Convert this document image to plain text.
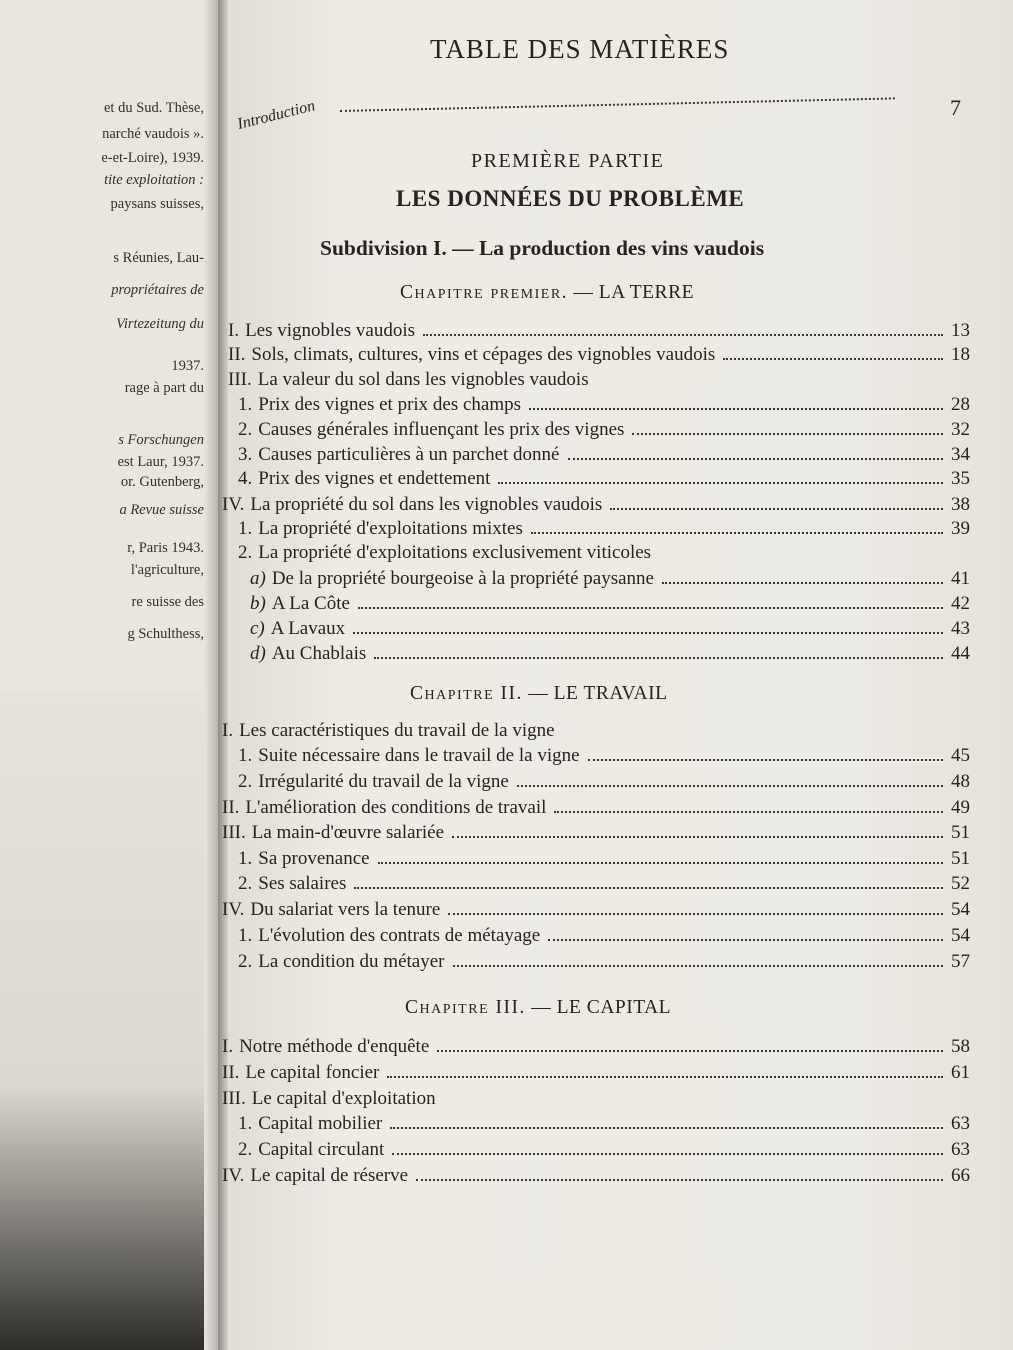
et du Sud. Thèse,
narché vaudois ».
e-et-Loire), 1939.
tite exploitation :
paysans suisses,
s Réunies, Lau-
propriétaires de
Virtezeitung du
1937.
rage à part du
s Forschungen
est Laur, 1937.
or. Gutenberg,
a Revue suisse
r, Paris 1943.
l'agriculture,
re suisse des
g Schulthess,
TABLE DES MATIÈRES
Introduction	7
PREMIÈRE PARTIE
LES DONNÉES DU PROBLÈME
Subdivision I. — La production des vins vaudois
Chapitre premier. — LA TERRE
I. Les vignobles vaudois	13
II. Sols, climats, cultures, vins et cépages des vignobles vaudois	18
III. La valeur du sol dans les vignobles vaudois
1. Prix des vignes et prix des champs	28
2. Causes générales influençant les prix des vignes	32
3. Causes particulières à un parchet donné	34
4. Prix des vignes et endettement	35
IV. La propriété du sol dans les vignobles vaudois	38
1. La propriété d'exploitations mixtes	39
2. La propriété d'exploitations exclusivement viticoles
a) De la propriété bourgeoise à la propriété paysanne	41
b) A La Côte	42
c) A Lavaux	43
d) Au Chablais	44
Chapitre II. — LE TRAVAIL
I. Les caractéristiques du travail de la vigne
1. Suite nécessaire dans le travail de la vigne	45
2. Irrégularité du travail de la vigne	48
II. L'amélioration des conditions de travail	49
III. La main-d'œuvre salariée	51
1. Sa provenance	51
2. Ses salaires	52
IV. Du salariat vers la tenure	54
1. L'évolution des contrats de métayage	54
2. La condition du métayer	57
Chapitre III. — LE CAPITAL
I. Notre méthode d'enquête	58
II. Le capital foncier	61
III. Le capital d'exploitation
1. Capital mobilier	63
2. Capital circulant	63
IV. Le capital de réserve	66
